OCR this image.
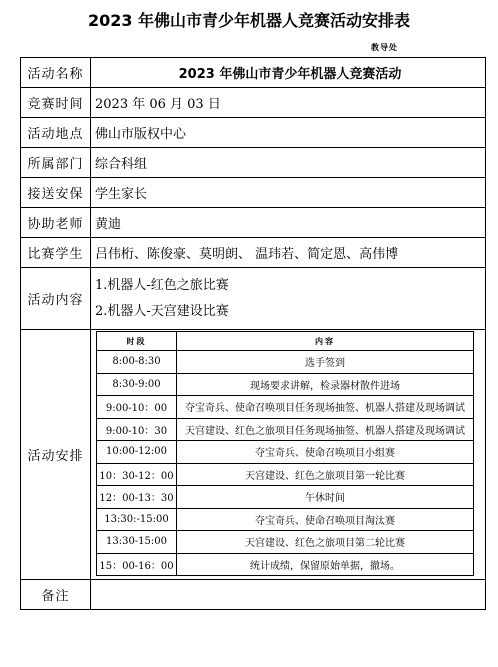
2023 年佛山市青少年机器人竞赛活动安排表
教导处
活动名称	2023 年佛山市青少年机器人竞赛活动
竞赛时间	2023 年 06 月 03 日
活动地点	佛山市版权中心
所属部门	综合科组
接送安保	学生家长
协助老师	黄迪
比赛学生	吕伟桁、陈俊豪、莫明朗、 温玮若、简定恩、高伟博
活动内容	
1.机器人-红色之旅比赛
2.机器人-天宫建设比赛

活动安排	
时段	内容
8:00-8:30	选手签到
8:30-9:00	现场要求讲解，检录器材散件进场
9:00-10：00	夺宝奇兵、使命召唤项目任务现场抽签、机器人搭建及现场调试
9:00-10：30	天宫建设、红色之旅项目任务现场抽签、机器人搭建及现场调试
10:00-12:00	夺宝奇兵、使命召唤项目小组赛
10：30-12：00	天宫建设、红色之旅项目第一轮比赛
12：00-13：30	午休时间
13:30:-15:00	夺宝奇兵、使命召唤项目淘汰赛
13:30-15:00	天宫建设、红色之旅项目第二轮比赛
15：00-16：00	统计成绩，保留原始单据，撤场。

备注	
